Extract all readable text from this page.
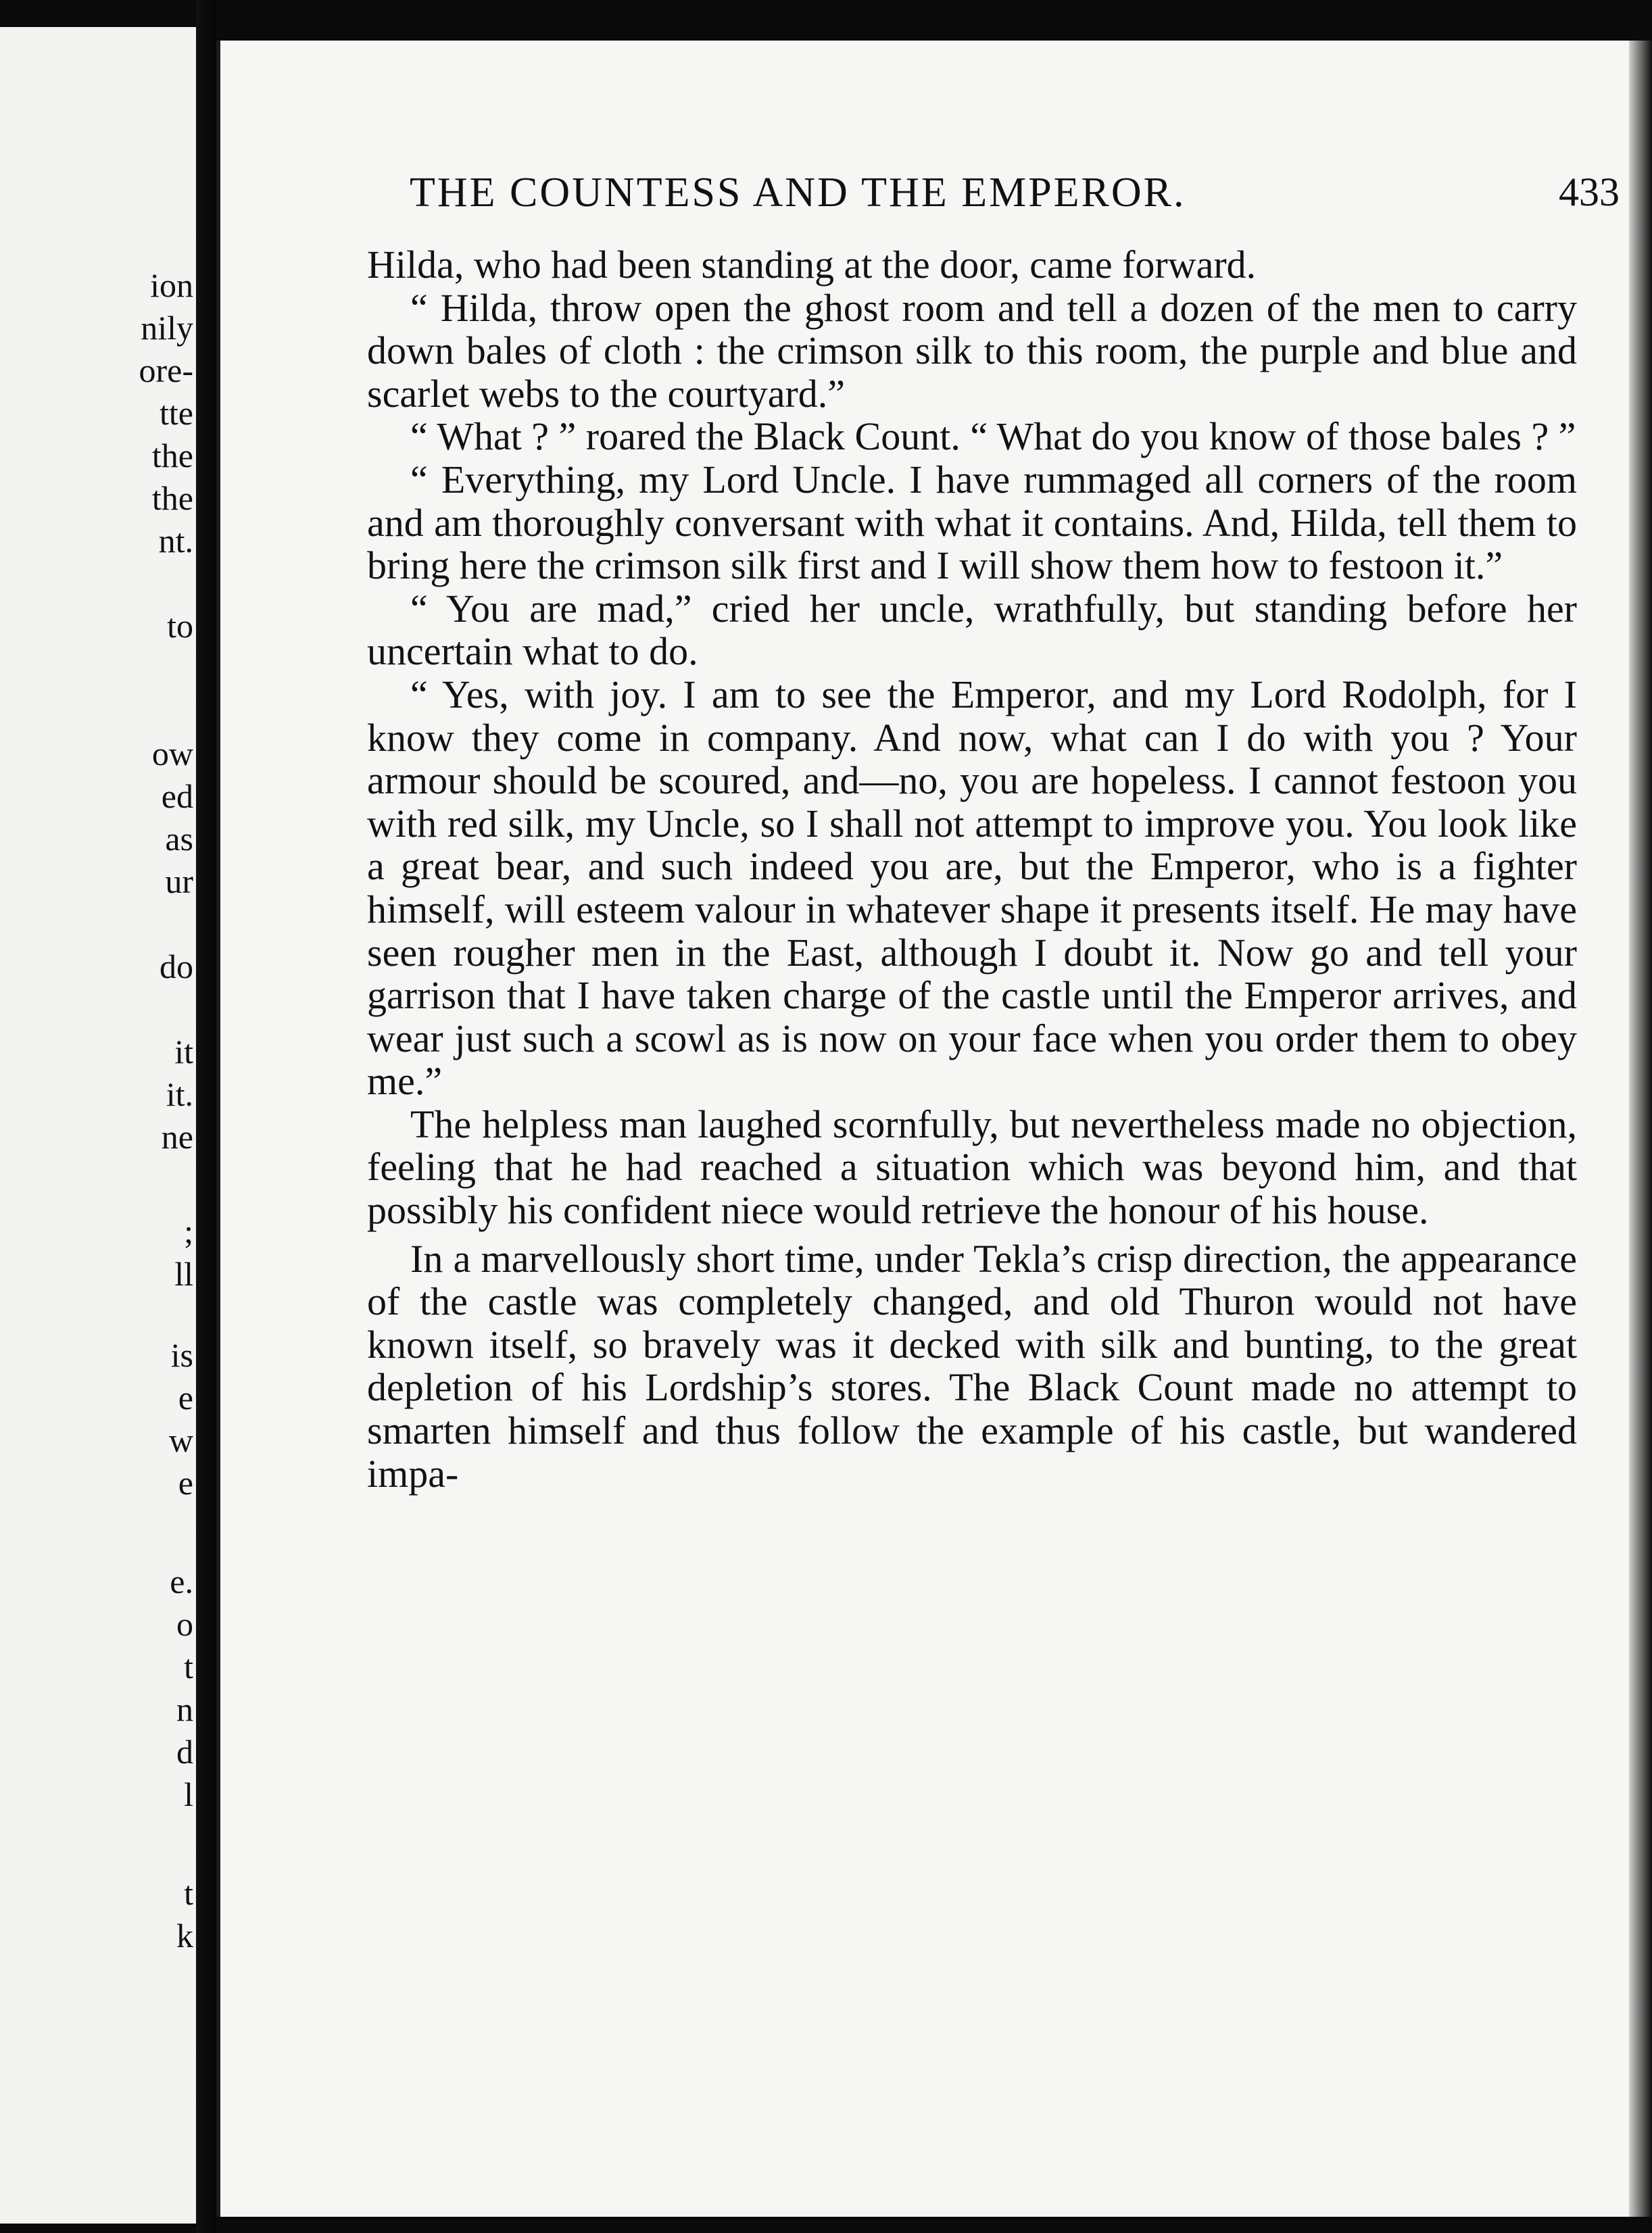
ion
nily
ore-
tte
the
the
nt.
to
ow
ed
as
ur
do
it
it.
ne
;
ll
is
e
w
e
e.
o
t
n
d
l
t
k
THE COUNTESS AND THE EMPEROR.	433

Hilda, who had been standing at the door, came forward.

“ Hilda, throw open the ghost room and tell a dozen of the men to carry down bales of cloth : the crimson silk to this room, the purple and blue and scarlet webs to the courtyard.”

“ What ? ” roared the Black Count. “ What do you know of those bales ? ”

“ Everything, my Lord Uncle. I have rummaged all corners of the room and am thoroughly conversant with what it contains. And, Hilda, tell them to bring here the crimson silk first and I will show them how to festoon it.”

“ You are mad,” cried her uncle, wrathfully, but standing before her uncertain what to do.

“ Yes, with joy. I am to see the Emperor, and my Lord Rodolph, for I know they come in company. And now, what can I do with you ? Your armour should be scoured, and—no, you are hopeless. I cannot festoon you with red silk, my Uncle, so I shall not attempt to improve you. You look like a great bear, and such indeed you are, but the Emperor, who is a fighter himself, will esteem valour in whatever shape it presents itself. He may have seen rougher men in the East, although I doubt it. Now go and tell your garrison that I have taken charge of the castle until the Emperor arrives, and wear just such a scowl as is now on your face when you order them to obey me.”

The helpless man laughed scornfully, but nevertheless made no objection, feeling that he had reached a situation which was beyond him, and that possibly his confident niece would retrieve the honour of his house.

In a marvellously short time, under Tekla’s crisp direction, the appearance of the castle was completely changed, and old Thuron would not have known itself, so bravely was it decked with silk and bunting, to the great depletion of his Lordship’s stores. The Black Count made no attempt to smarten himself and thus follow the example of his castle, but wandered impa-
